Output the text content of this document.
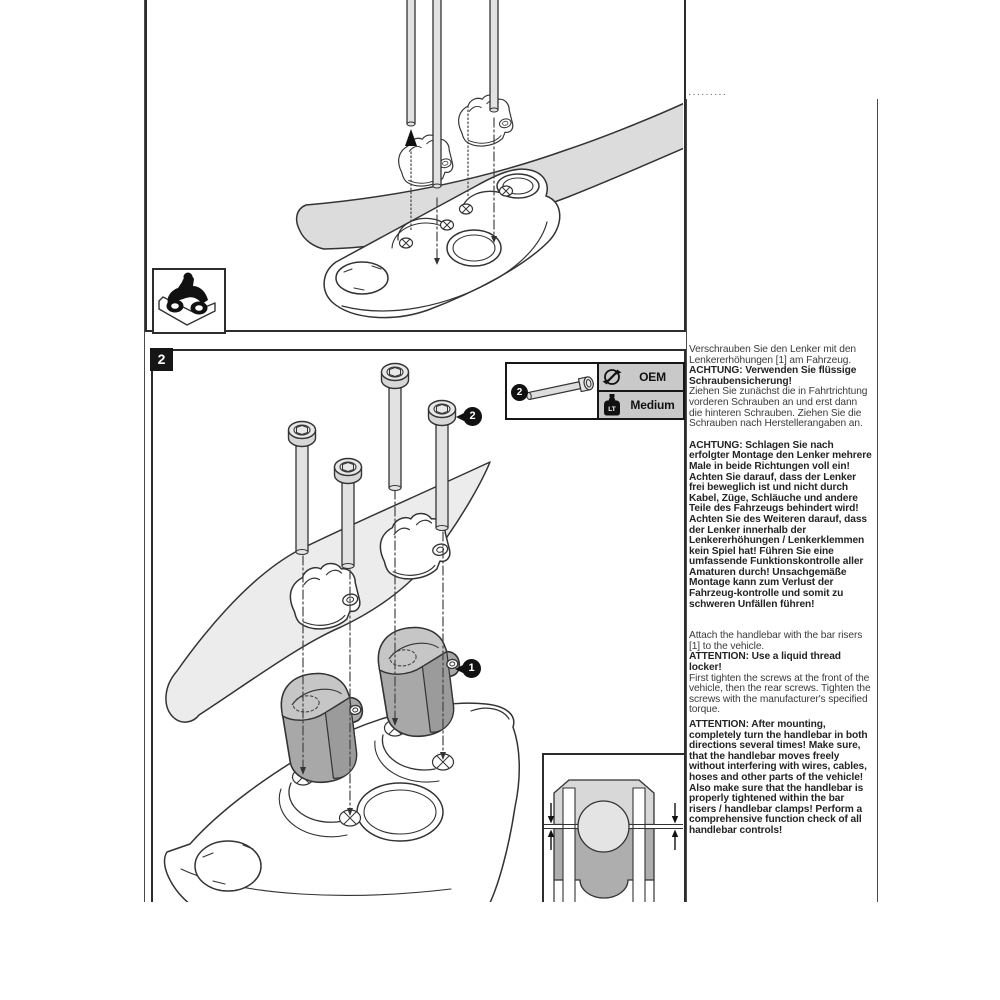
·········
2
2
1
2
OEM
LT	Medium

Verschrauben Sie den Lenker mit den Lenkererhöhungen [1] am Fahrzeug.
ACHTUNG: Verwenden Sie flüssige Schraubensicherung!
Ziehen Sie zunächst die in Fahrtrichtung vorderen Schrauben an und erst dann die hinteren Schrauben. Ziehen Sie die Schrauben nach Herstellerangaben an.

ACHTUNG: Schlagen Sie nach erfolgter Montage den Lenker mehrere Male in beide Richtungen voll ein! Achten Sie darauf, dass der Lenker frei beweglich ist und nicht durch Kabel, Züge, Schläuche und andere Teile des Fahrzeugs behindert wird! Achten Sie des Weiteren darauf, dass der Lenker innerhalb der Lenkererhöhungen / Lenkerklemmen kein Spiel hat! Führen Sie eine umfassende Funktionskontrolle aller Amaturen durch! Unsachgemäße Montage kann zum Verlust der Fahrzeug-kontrolle und somit zu schweren Unfällen führen!

Attach the handlebar with the bar risers [1] to the vehicle.
ATTENTION: Use a liquid thread locker!
First tighten the screws at the front of the vehicle, then the rear screws. Tighten the screws with the manufacturer's specified torque.

ATTENTION: After mounting, completely turn the handlebar in both directions several times! Make sure, that the handlebar moves freely without interfering with wires, cables, hoses and other parts of the vehicle! Also make sure that the handlebar is properly tightened within the bar risers / handlebar clamps! Perform a comprehensive function check of all handlebar controls!
